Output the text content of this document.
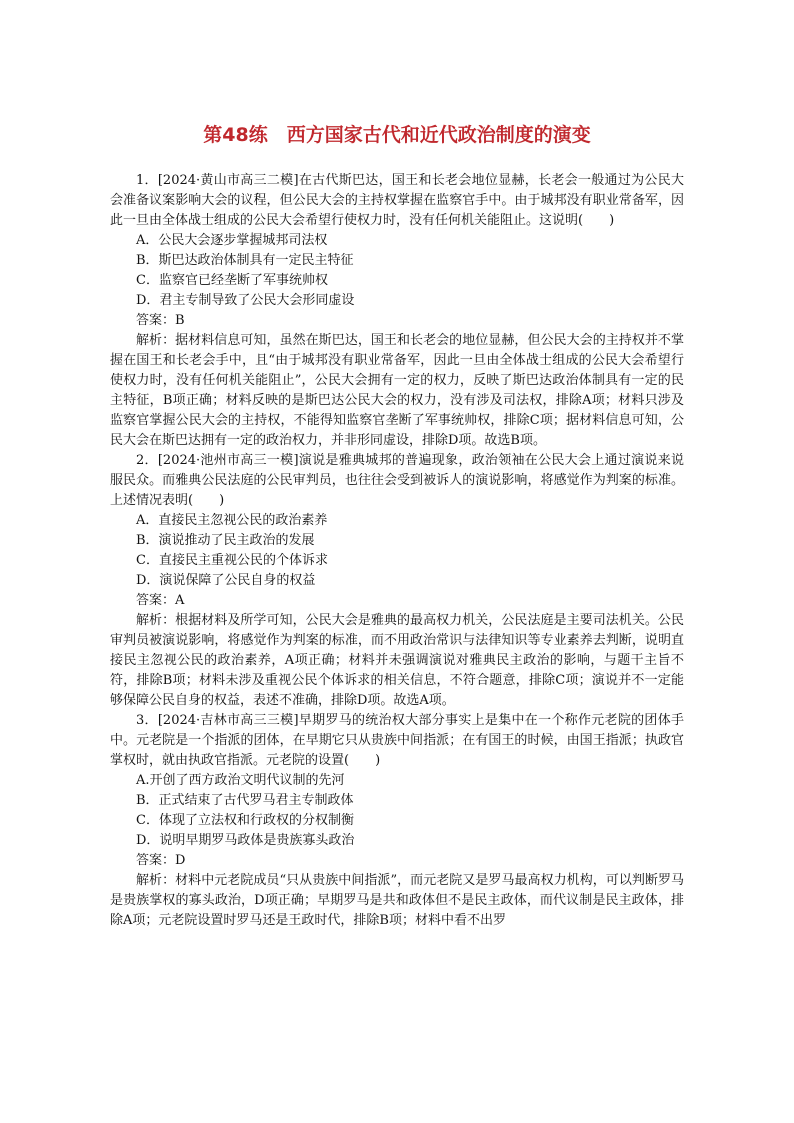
第48练　西方国家古代和近代政治制度的演变

1．[2024·黄山市高三二模]在古代斯巴达，国王和长老会地位显赫，长老会一般通过为公民大会准备议案影响大会的议程，但公民大会的主持权掌握在监察官手中。由于城邦没有职业常备军，因此一旦由全体战士组成的公民大会希望行使权力时，没有任何机关能阻止。这说明(　　)

A．公民大会逐步掌握城邦司法权

B．斯巴达政治体制具有一定民主特征

C．监察官已经垄断了军事统帅权

D．君主专制导致了公民大会形同虚设

答案：B

解析：据材料信息可知，虽然在斯巴达，国王和长老会的地位显赫，但公民大会的主持权并不掌握在国王和长老会手中，且“由于城邦没有职业常备军，因此一旦由全体战士组成的公民大会希望行使权力时，没有任何机关能阻止”，公民大会拥有一定的权力，反映了斯巴达政治体制具有一定的民主特征，B项正确；材料反映的是斯巴达公民大会的权力，没有涉及司法权，排除A项；材料只涉及监察官掌握公民大会的主持权，不能得知监察官垄断了军事统帅权，排除C项；据材料信息可知，公民大会在斯巴达拥有一定的政治权力，并非形同虚设，排除D项。故选B项。

2．[2024·池州市高三一模]演说是雅典城邦的普遍现象，政治领袖在公民大会上通过演说来说服民众。而雅典公民法庭的公民审判员，也往往会受到被诉人的演说影响，将感觉作为判案的标准。上述情况表明(　　)

A．直接民主忽视公民的政治素养

B．演说推动了民主政治的发展

C．直接民主重视公民的个体诉求

D．演说保障了公民自身的权益

答案：A

解析：根据材料及所学可知，公民大会是雅典的最高权力机关，公民法庭是主要司法机关。公民审判员被演说影响，将感觉作为判案的标准，而不用政治常识与法律知识等专业素养去判断，说明直接民主忽视公民的政治素养，A项正确；材料并未强调演说对雅典民主政治的影响，与题干主旨不符，排除B项；材料未涉及重视公民个体诉求的相关信息，不符合题意，排除C项；演说并不一定能够保障公民自身的权益，表述不准确，排除D项。故选A项。

3．[2024·吉林市高三三模]早期罗马的统治权大部分事实上是集中在一个称作元老院的团体手中。元老院是一个指派的团体，在早期它只从贵族中间指派；在有国王的时候，由国王指派；执政官掌权时，就由执政官指派。元老院的设置(　　)

A.开创了西方政治文明代议制的先河

B．正式结束了古代罗马君主专制政体

C．体现了立法权和行政权的分权制衡

D．说明早期罗马政体是贵族寡头政治

答案：D

解析：材料中元老院成员“只从贵族中间指派”，而元老院又是罗马最高权力机构，可以判断罗马是贵族掌权的寡头政治，D项正确；早期罗马是共和政体但不是民主政体，而代议制是民主政体，排除A项；元老院设置时罗马还是王政时代，排除B项；材料中看不出罗
